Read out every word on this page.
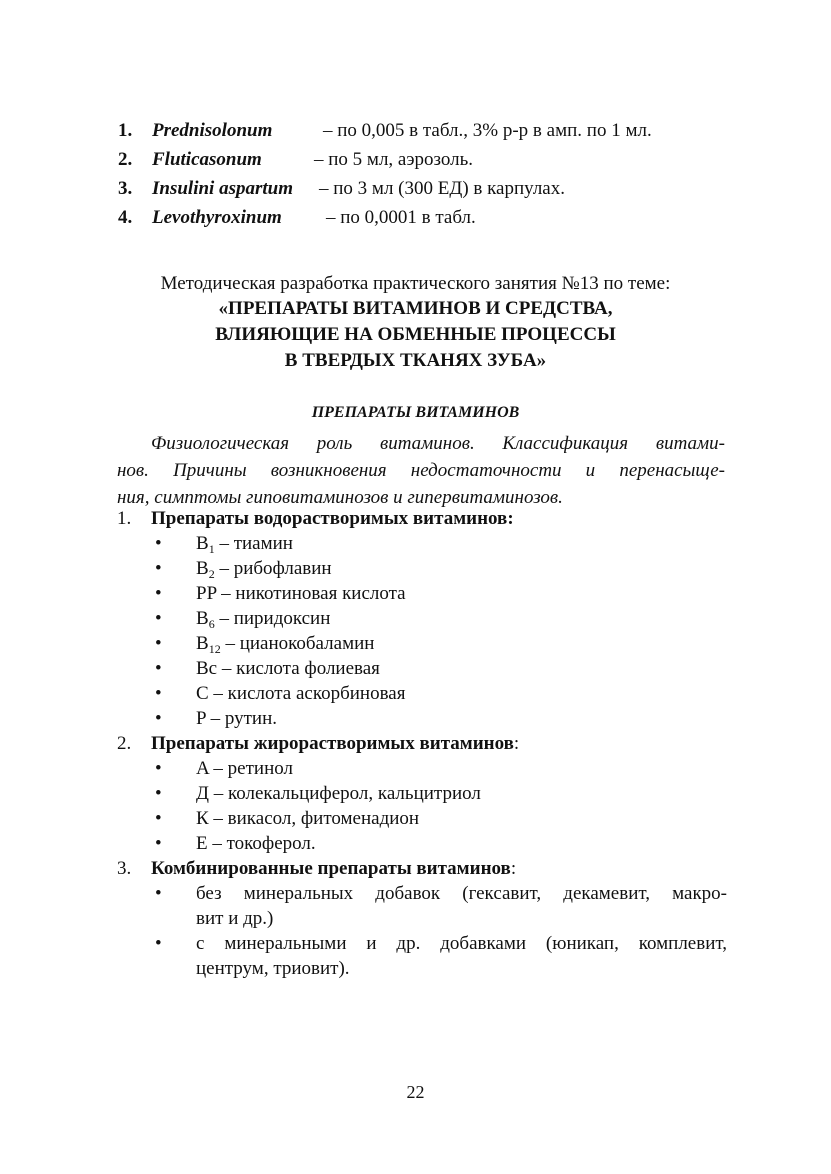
1. Prednisolonum	– по 0,005 в табл., 3% р-р в амп. по 1 мл.
2. Fluticasonum	– по 5 мл, аэрозоль.
3. Insulini aspartum – по 3 мл (300 ЕД) в карпулах.
4. Levothyroxinum – по 0,0001 в табл.
Методическая разработка практического занятия №13 по теме:
«ПРЕПАРАТЫ ВИТАМИНОВ И СРЕДСТВА,
ВЛИЯЮЩИЕ НА ОБМЕННЫЕ ПРОЦЕССЫ
В ТВЕРДЫХ ТКАНЯХ ЗУБА»
ПРЕПАРАТЫ ВИТАМИНОВ
Физиологическая роль витаминов. Классификация витами-
нов. Причины возникновения недостаточности и перенасыще-
ния, симптомы гиповитаминозов и гипервитаминозов.
1. Препараты водорастворимых витаминов:
• $B_1$ – тиамин
• $B_2$ – рибофлавин
• PP – никотиновая кислота
• $B_6$ – пиридоксин
• $B_{12}$ – цианокобаламин
• Bc – кислота фолиевая
• C – кислота аскорбиновая
• P – рутин.
2. Препараты жирорастворимых витаминов:
• A – ретинол
• Д – колекальциферол, кальцитриол
• К – викасол, фитоменадион
• E – токоферол.
3. Комбинированные препараты витаминов:
• без минеральных добавок (гексавит, декамевит, макро-
вит и др.)
• с минеральными и др. добавками (юникап, комплевит,
центрум, триовит).
22
